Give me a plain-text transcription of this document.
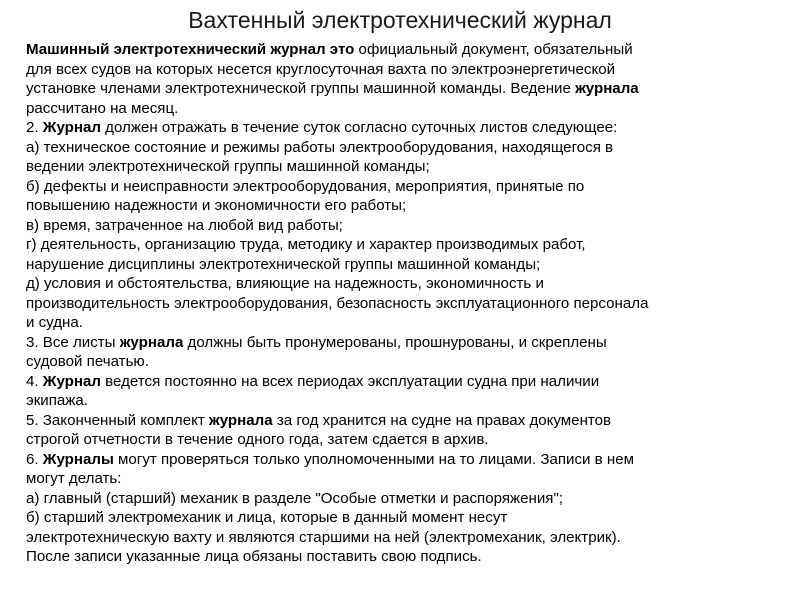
Вахтенный электротехнический журнал
Машинный электротехнический журнал это официальный документ, обязательный
для всех судов на которых несется круглосуточная вахта по электроэнергетической
установке членами электротехнической группы машинной команды. Ведение журнала
рассчитано на месяц.
2. Журнал должен отражать в течение суток согласно суточных листов следующее:
а) техническое состояние и режимы работы электрооборудования, находящегося в
ведении электротехнической группы машинной команды;
б) дефекты и неисправности электрооборудования, мероприятия, принятые по
повышению надежности и экономичности его работы;
в) время, затраченное на любой вид работы;
г) деятельность, организацию труда, методику и характер производимых работ,
нарушение дисциплины электротехнической группы машинной команды;
д) условия и обстоятельства, влияющие на надежность, экономичность и
производительность электрооборудования, безопасность эксплуатационного персонала
и судна.
3. Все листы журнала должны быть пронумерованы, прошнурованы, и скреплены
судовой печатью.
4. Журнал ведется постоянно на всех периодах эксплуатации судна при наличии
экипажа.
5. Законченный комплект журнала за год хранится на судне на правах документов
строгой отчетности в течение одного года, затем сдается в архив.
6. Журналы могут проверяться только уполномоченными на то лицами. Записи в нем
могут делать:
а) главный (старший) механик в разделе "Особые отметки и распоряжения";
б) старший электромеханик и лица, которые в данный момент несут
электротехническую вахту и являются старшими на ней (электромеханик, электрик).
После записи указанные лица обязаны поставить свою подпись.
